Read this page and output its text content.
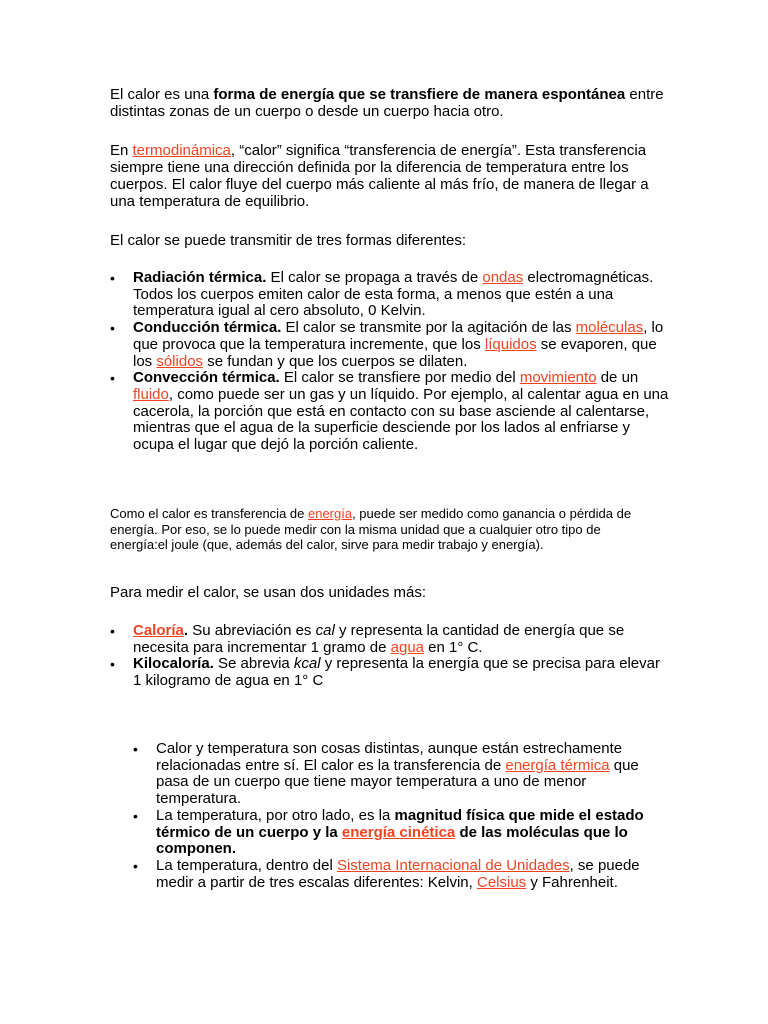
El calor es una forma de energía que se transfiere de manera espontánea entre distintas zonas de un cuerpo o desde un cuerpo hacia otro.

En termodinámica, “calor” significa “transferencia de energía”. Esta transferencia siempre tiene una dirección definida por la diferencia de temperatura entre los cuerpos. El calor fluye del cuerpo más caliente al más frío, de manera de llegar a una temperatura de equilibrio.

El calor se puede transmitir de tres formas diferentes:

• Radiación térmica. El calor se propaga a través de ondas electromagnéticas. Todos los cuerpos emiten calor de esta forma, a menos que estén a una temperatura igual al cero absoluto, 0 Kelvin.
• Conducción térmica. El calor se transmite por la agitación de las moléculas, lo que provoca que la temperatura incremente, que los líquidos se evaporen, que los sólidos se fundan y que los cuerpos se dilaten.
• Convección térmica. El calor se transfiere por medio del movimiento de un fluido, como puede ser un gas y un líquido. Por ejemplo, al calentar agua en una cacerola, la porción que está en contacto con su base asciende al calentarse, mientras que el agua de la superficie desciende por los lados al enfriarse y ocupa el lugar que dejó la porción caliente.

Como el calor es transferencia de energía, puede ser medido como ganancia o pérdida de energía. Por eso, se lo puede medir con la misma unidad que a cualquier otro tipo de energía:el joule (que, además del calor, sirve para medir trabajo y energía).

Para medir el calor, se usan dos unidades más:

• Caloría. Su abreviación es cal y representa la cantidad de energía que se necesita para incrementar 1 gramo de agua en 1° C.
• Kilocaloría. Se abrevia kcal y representa la energía que se precisa para elevar 1 kilogramo de agua en 1° C
• Calor y temperatura son cosas distintas, aunque están estrechamente relacionadas entre sí. El calor es la transferencia de energía térmica que pasa de un cuerpo que tiene mayor temperatura a uno de menor temperatura.
• La temperatura, por otro lado, es la magnitud física que mide el estado térmico de un cuerpo y la energía cinética de las moléculas que lo componen.
• La temperatura, dentro del Sistema Internacional de Unidades, se puede medir a partir de tres escalas diferentes: Kelvin, Celsius y Fahrenheit.
